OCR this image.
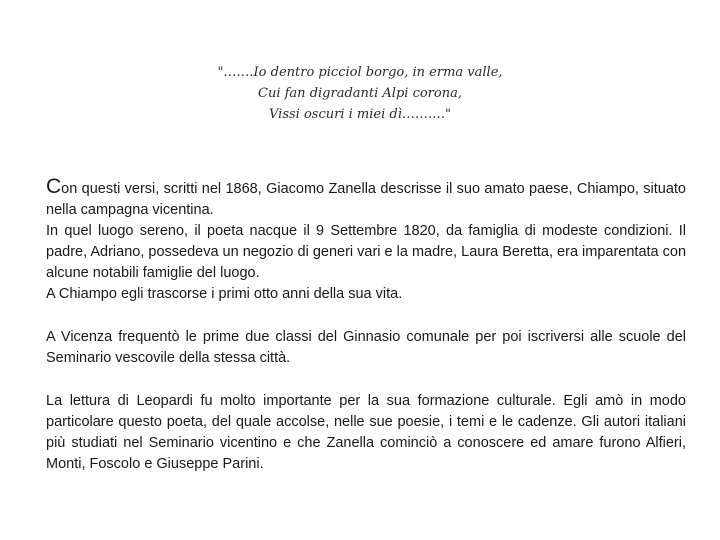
"…….Io dentro picciol borgo, in erma valle,
Cui fan digradanti Alpi corona,
Vissi oscuri i miei dì………."

Con questi versi, scritti nel 1868, Giacomo Zanella descrisse il suo amato paese, Chiampo, situato nella campagna vicentina.

In quel luogo sereno, il poeta nacque il 9 Settembre 1820, da famiglia di modeste condizioni. Il padre, Adriano, possedeva un negozio di generi vari e la madre, Laura Beretta, era imparentata con alcune notabili famiglie del luogo.

A Chiampo egli trascorse i primi otto anni della sua vita.

A Vicenza frequentò le prime due classi del Ginnasio comunale per poi iscriversi alle scuole del Seminario vescovile della stessa città.

La lettura di Leopardi fu molto importante per la sua formazione culturale. Egli amò in modo particolare questo poeta, del quale accolse, nelle sue poesie, i temi e le cadenze. Gli autori italiani più studiati nel Seminario vicentino e che Zanella cominciò a conoscere ed amare furono Alfieri, Monti, Foscolo e Giuseppe Parini.
